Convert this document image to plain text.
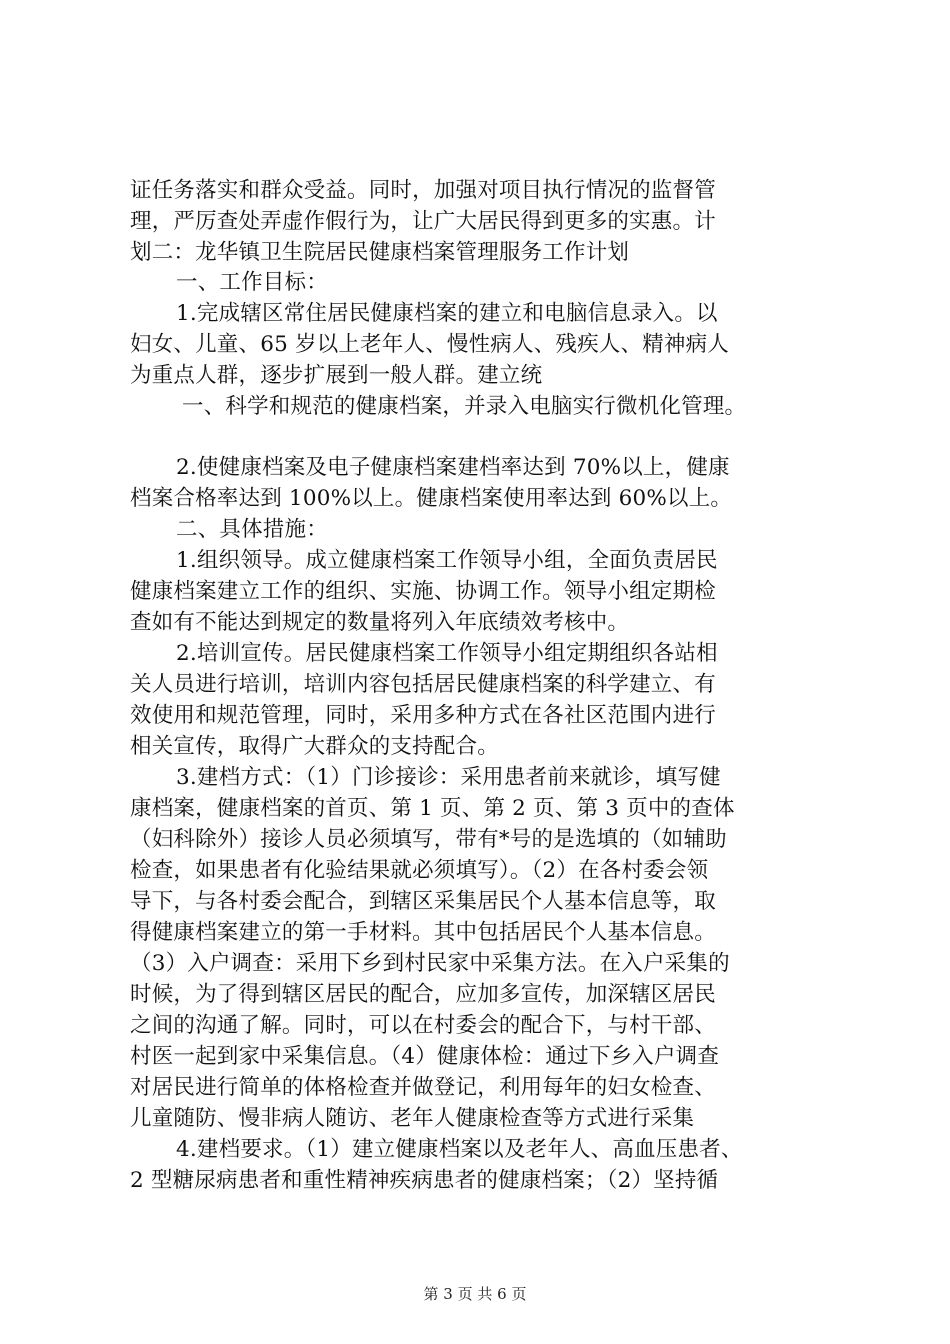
证任务落实和群众受益。同时，加强对项目执行情况的监督管
理，严厉查处弄虚作假行为，让广大居民得到更多的实惠。计
划二：龙华镇卫生院居民健康档案管理服务工作计划
一、工作目标：
1.完成辖区常住居民健康档案的建立和电脑信息录入。以
妇女、儿童、65 岁以上老年人、慢性病人、残疾人、精神病人
为重点人群，逐步扩展到一般人群。建立统
一、科学和规范的健康档案，并录入电脑实行微机化管理。
2.使健康档案及电子健康档案建档率达到 70%以上，健康
档案合格率达到 100%以上。健康档案使用率达到 60%以上。
二、具体措施：
1.组织领导。成立健康档案工作领导小组，全面负责居民
健康档案建立工作的组织、实施、协调工作。领导小组定期检
查如有不能达到规定的数量将列入年底绩效考核中。
2.培训宣传。居民健康档案工作领导小组定期组织各站相
关人员进行培训，培训内容包括居民健康档案的科学建立、有
效使用和规范管理，同时，采用多种方式在各社区范围内进行
相关宣传，取得广大群众的支持配合。
3.建档方式：（1）门诊接诊：采用患者前来就诊，填写健
康档案，健康档案的首页、第 1 页、第 2 页、第 3 页中的查体
（妇科除外）接诊人员必须填写，带有*号的是选填的（如辅助
检查，如果患者有化验结果就必须填写）。（2）在各村委会领
导下，与各村委会配合，到辖区采集居民个人基本信息等，取
得健康档案建立的第一手材料。其中包括居民个人基本信息。
（3）入户调查：采用下乡到村民家中采集方法。在入户采集的
时候，为了得到辖区居民的配合，应加多宣传，加深辖区居民
之间的沟通了解。同时，可以在村委会的配合下，与村干部、
村医一起到家中采集信息。（4）健康体检：通过下乡入户调查
对居民进行简单的体格检查并做登记，利用每年的妇女检查、
儿童随防、慢非病人随访、老年人健康检查等方式进行采集
4.建档要求。（1）建立健康档案以及老年人、高血压患者、
2 型糖尿病患者和重性精神疾病患者的健康档案；（2）坚持循
第 3 页 共 6 页
